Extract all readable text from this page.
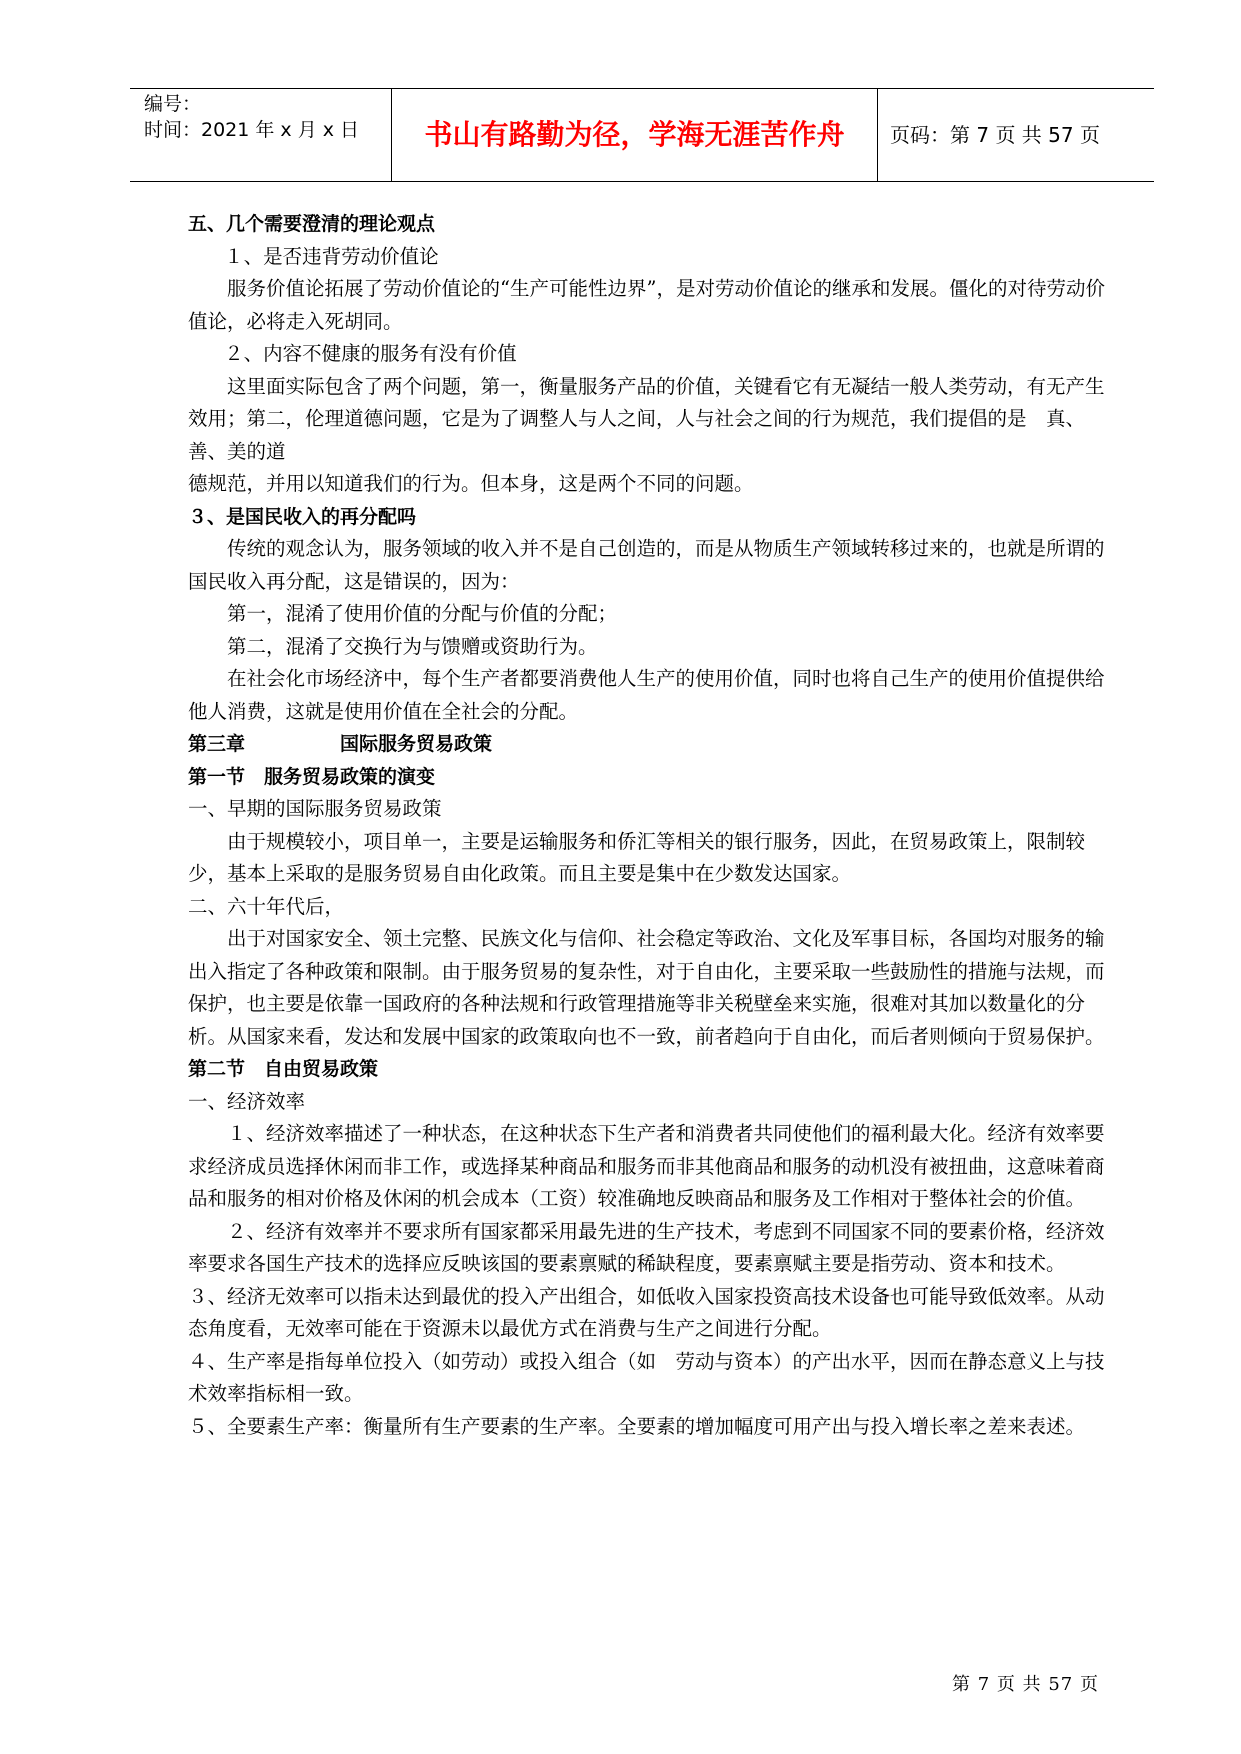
编号：
时间：2021 年 x 月 x 日	书山有路勤为径，学海无涯苦作舟	页码：第 7 页 共 57 页

五、几个需要澄清的理论观点

１、是否违背劳动价值论

服务价值论拓展了劳动价值论的“生产可能性边界”，是对劳动价值论的继承和发展。僵化的对待劳动价值论，必将走入死胡同。

２、内容不健康的服务有没有价值

这里面实际包含了两个问题，第一，衡量服务产品的价值，关键看它有无凝结一般人类劳动，有无产生效用；第二，伦理道德问题，它是为了调整人与人之间，人与社会之间的行为规范，我们提倡的是　真、善、美的道

德规范，并用以知道我们的行为。但本身，这是两个不同的问题。

３、是国民收入的再分配吗

传统的观念认为，服务领域的收入并不是自己创造的，而是从物质生产领域转移过来的，也就是所谓的国民收入再分配，这是错误的，因为：

第一，混淆了使用价值的分配与价值的分配；

第二，混淆了交换行为与馈赠或资助行为。

在社会化市场经济中，每个生产者都要消费他人生产的使用价值，同时也将自己生产的使用价值提供给他人消费，这就是使用价值在全社会的分配。

第三章	国际服务贸易政策

第一节　服务贸易政策的演变

一、早期的国际服务贸易政策

由于规模较小，项目单一，主要是运输服务和侨汇等相关的银行服务，因此，在贸易政策上，限制较少，基本上采取的是服务贸易自由化政策。而且主要是集中在少数发达国家。

二、六十年代后，

出于对国家安全、领土完整、民族文化与信仰、社会稳定等政治、文化及军事目标，各国均对服务的输出入指定了各种政策和限制。由于服务贸易的复杂性，对于自由化，主要采取一些鼓励性的措施与法规，而保护，也主要是依靠一国政府的各种法规和行政管理措施等非关税壁垒来实施，很难对其加以数量化的分析。从国家来看，发达和发展中国家的政策取向也不一致，前者趋向于自由化，而后者则倾向于贸易保护。

第二节　自由贸易政策

一、经济效率

１、经济效率描述了一种状态，在这种状态下生产者和消费者共同使他们的福利最大化。经济有效率要求经济成员选择休闲而非工作，或选择某种商品和服务而非其他商品和服务的动机没有被扭曲，这意味着商品和服务的相对价格及休闲的机会成本（工资）较准确地反映商品和服务及工作相对于整体社会的价值。

２、经济有效率并不要求所有国家都采用最先进的生产技术，考虑到不同国家不同的要素价格，经济效率要求各国生产技术的选择应反映该国的要素禀赋的稀缺程度，要素禀赋主要是指劳动、资本和技术。

３、经济无效率可以指未达到最优的投入产出组合，如低收入国家投资高技术设备也可能导致低效率。从动态角度看，无效率可能在于资源未以最优方式在消费与生产之间进行分配。

４、生产率是指每单位投入（如劳动）或投入组合（如　劳动与资本）的产出水平，因而在静态意义上与技术效率指标相一致。

５、全要素生产率：衡量所有生产要素的生产率。全要素的增加幅度可用产出与投入增长率之差来表述。

第 7 页 共 57 页
